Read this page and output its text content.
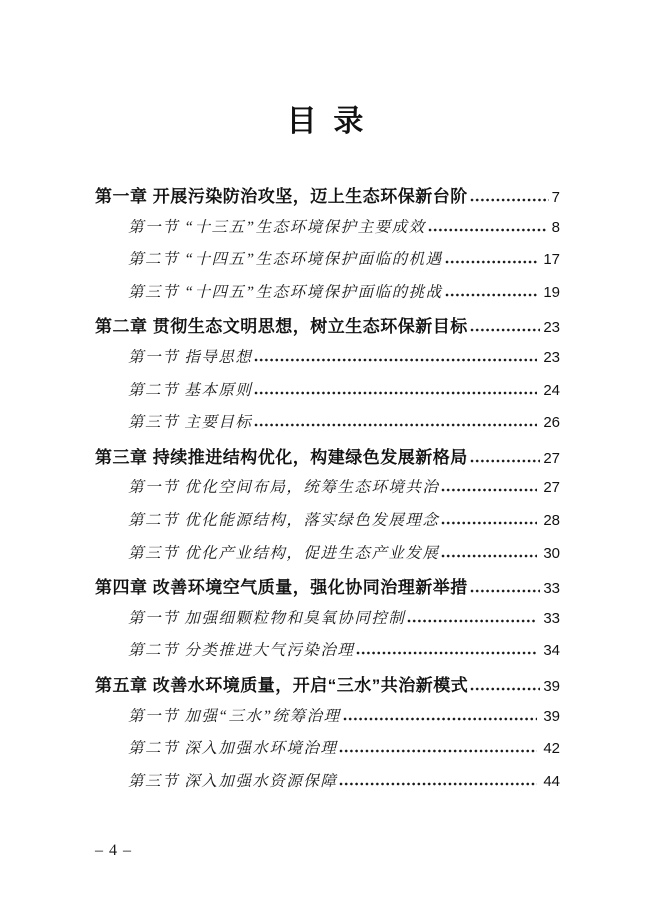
目  录
第一章 开展污染防治攻坚，迈上生态环保新台阶	7
第一节 “十三五”生态环境保护主要成效	8
第二节 “十四五”生态环境保护面临的机遇	17
第三节 “十四五”生态环境保护面临的挑战	19
第二章 贯彻生态文明思想，树立生态环保新目标	23
第一节 指导思想	23
第二节 基本原则	24
第三节 主要目标	26
第三章 持续推进结构优化，构建绿色发展新格局	27
第一节 优化空间布局，统筹生态环境共治	27
第二节 优化能源结构，落实绿色发展理念	28
第三节 优化产业结构，促进生态产业发展	30
第四章 改善环境空气质量，强化协同治理新举措	33
第一节 加强细颗粒物和臭氧协同控制	33
第二节 分类推进大气污染治理	34
第五章 改善水环境质量，开启“三水”共治新模式	39
第一节 加强“三水”统筹治理	39
第二节 深入加强水环境治理	42
第三节 深入加强水资源保障	44
– 4 –
